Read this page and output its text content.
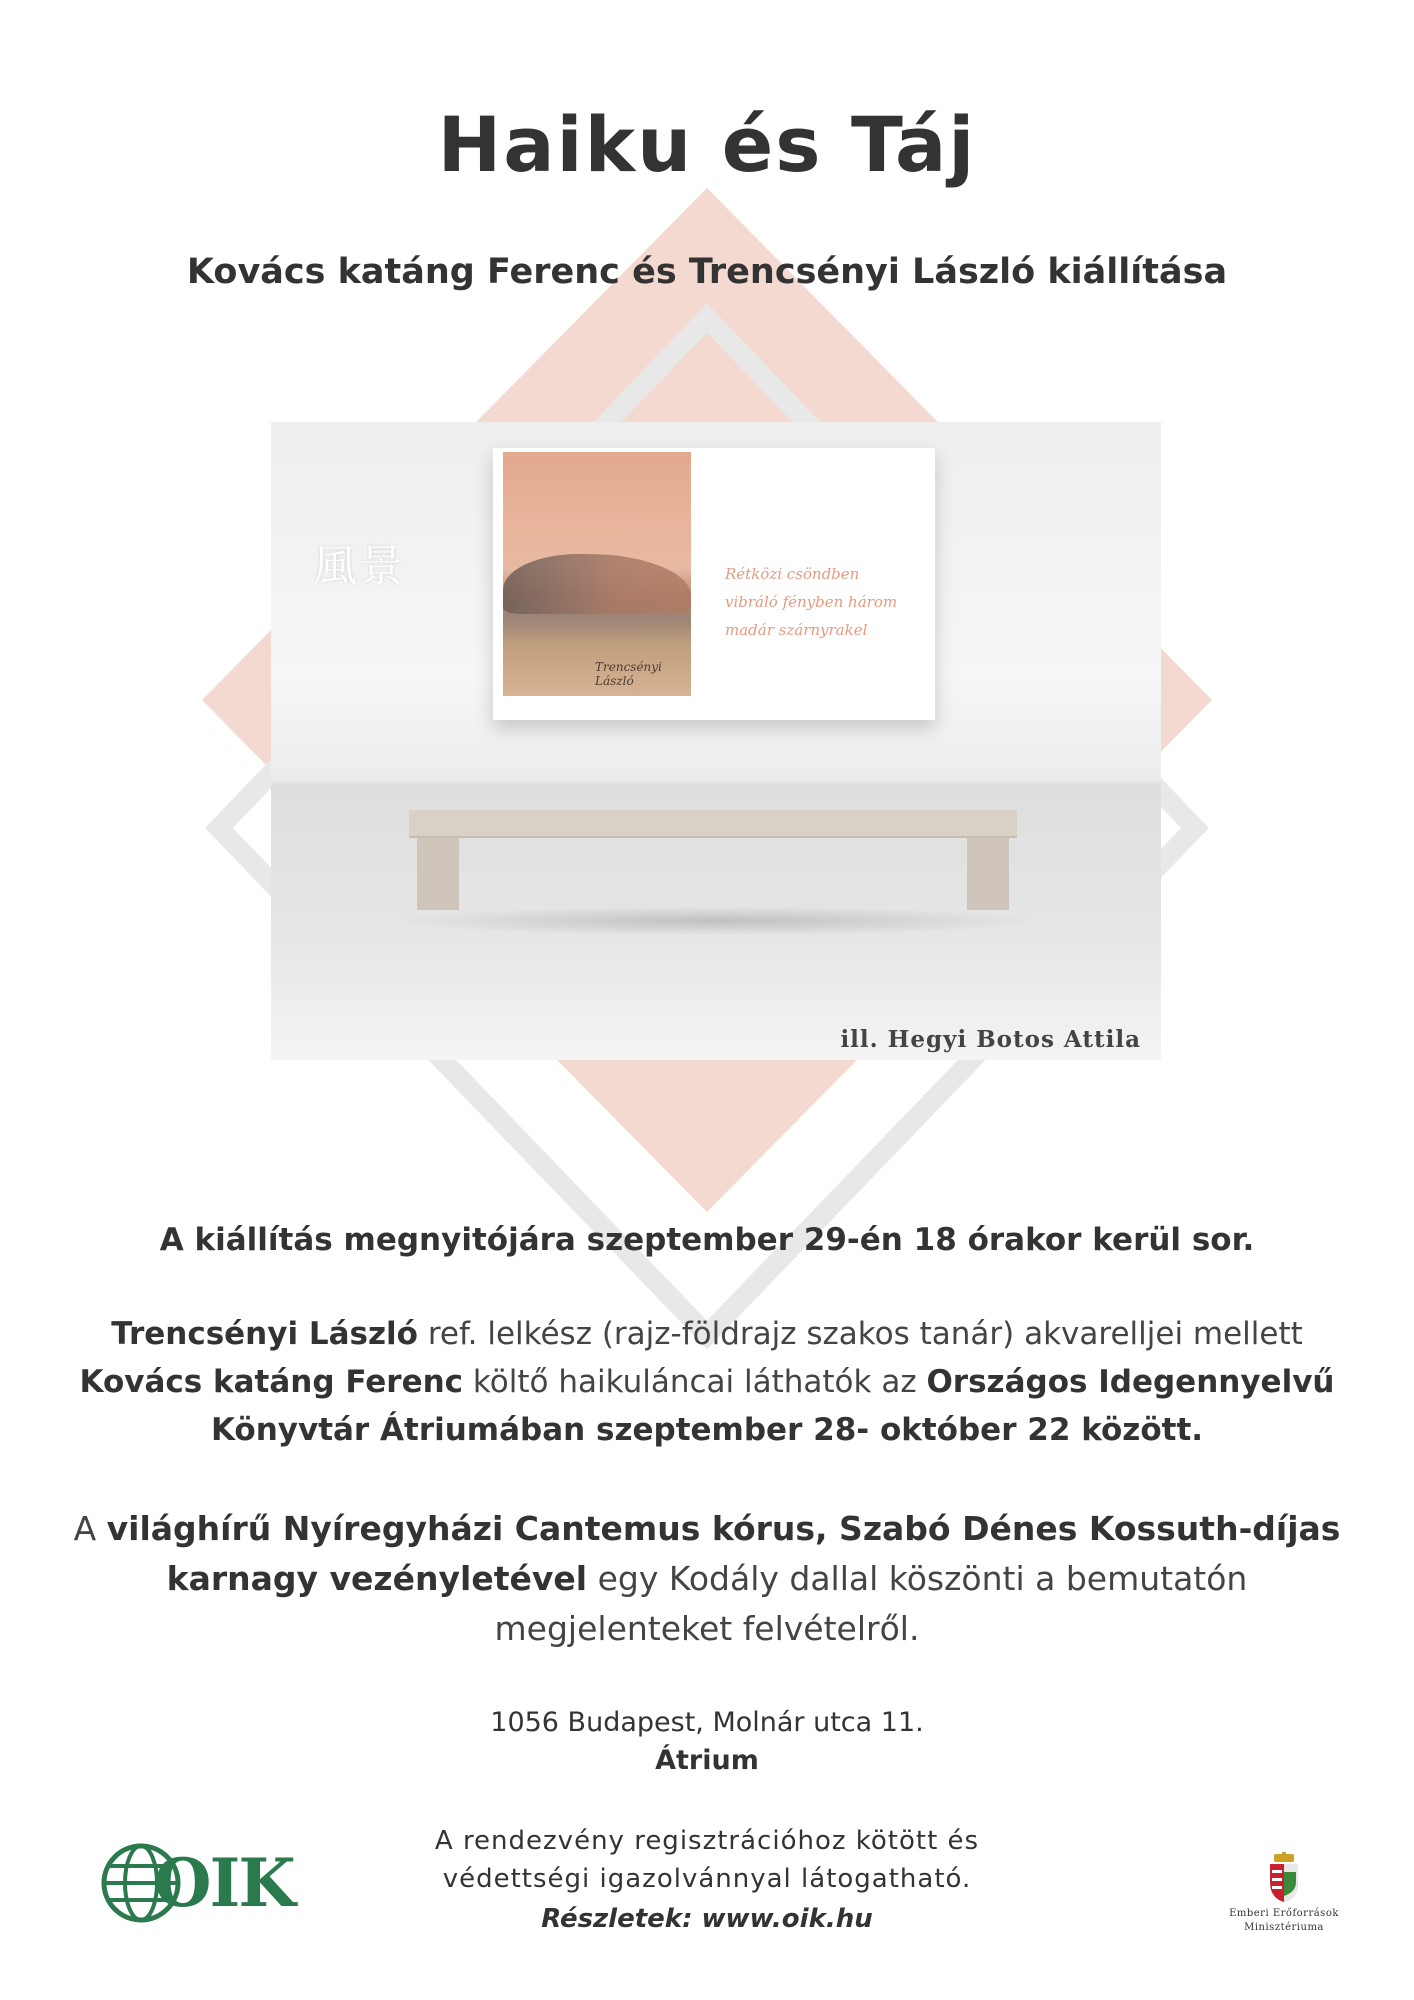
Haiku és Táj
Kovács katáng Ferenc és Trencsényi László kiállítása
風景
Trencsényi László
Rétközi csöndben
vibráló fényben három
madár szárnyrakel
ill. Hegyi Botos Attila
A kiállítás megnyitójára szeptember 29-én 18 órakor kerül sor.
Trencsényi László ref. lelkész (rajz-földrajz szakos tanár) akvarelljei mellett Kovács katáng Ferenc költő haikuláncai láthatók az Országos Idegennyelvű Könyvtár Átriumában szeptember 28- október 22 között.
A világhírű Nyíregyházi Cantemus kórus, Szabó Dénes Kossuth-díjas karnagy vezényletével egy Kodály dallal köszönti a bemutatón megjelenteket felvételről.
1056 Budapest, Molnár utca 11.
Átrium
A rendezvény regisztrációhoz kötött és
védettségi igazolvánnyal látogatható.
Részletek: www.oik.hu
OIK	Emberi Erőforrások
Minisztériuma
